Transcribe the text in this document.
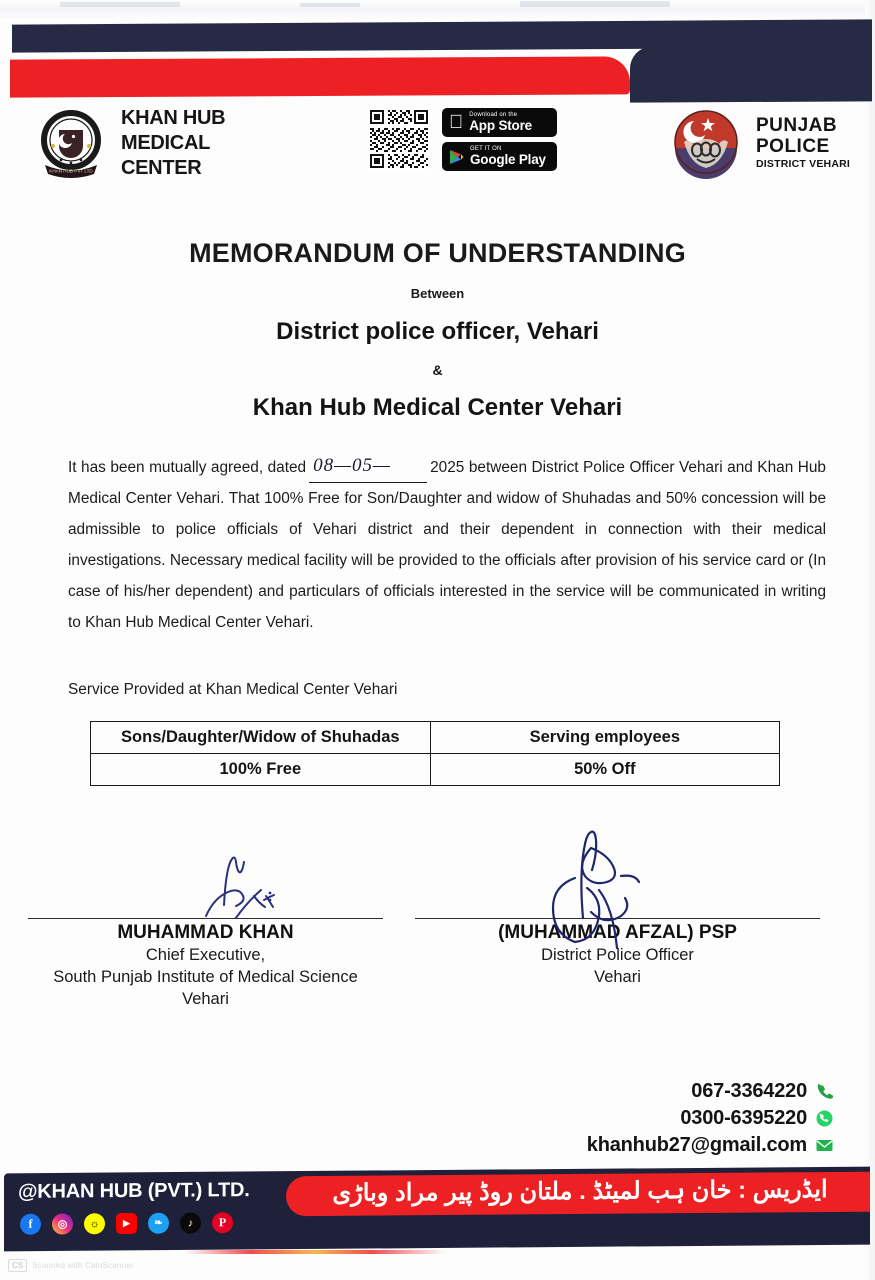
KHAN HUB PVT LTD
KHAN HUB
MEDICAL
CENTER
Download on the
App Store
GET IT ON
Google Play
PUNJAB
POLICE
DISTRICT VEHARI
MEMORANDUM OF UNDERSTANDING
Between
District police officer, Vehari
&
Khan Hub Medical Center Vehari
It has been mutually agreed, dated 08—05—	2025 between District Police Officer Vehari and Khan Hub Medical Center Vehari. That 100% Free for Son/Daughter and widow of Shuhadas and 50% concession will be admissible to police officials of Vehari district and their dependent in connection with their medical investigations. Necessary medical facility will be provided to the officials after provision of his service card or (In case of his/her dependent) and particulars of officials interested in the service will be communicated in writing to Khan Hub Medical Center Vehari.
Service Provided at Khan Medical Center Vehari
Sons/Daughter/Widow of Shuhadas	Serving employees
100% Free	50% Off
MUHAMMAD KHAN
Chief Executive,
South Punjab Institute of Medical Science
Vehari
(MUHAMMAD AFZAL) PSP
District Police Officer
Vehari
067-3364220
0300-6395220
khanhub27@gmail.com
@KHAN HUB (PVT.) LTD.	ایڈریس : خان ہب لمیٹڈ . ملتان روڈ پیر مراد وباڑی
f	◎	☼	▶	❧	♪	P
CS	Scanned with CamScanner
